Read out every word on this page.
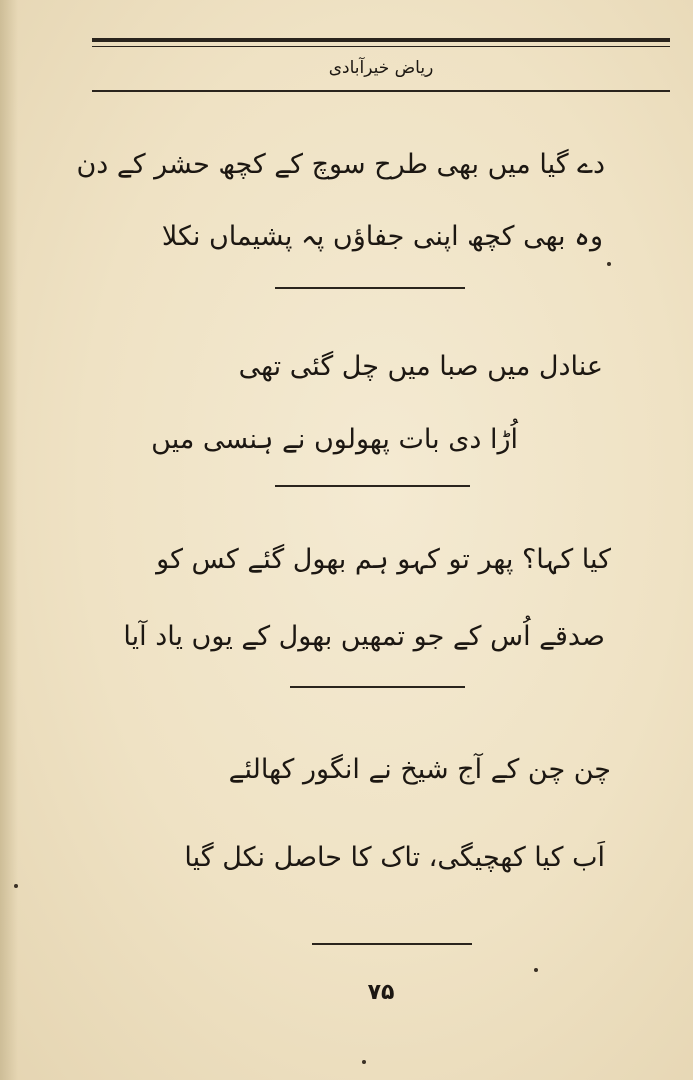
ریاض خیرآبادی
دے گیا میں بھی طرح سوچ کے کچھ حشر کے دن
وہ بھی کچھ اپنی جفاؤں پہ پشیماں نکلا
عنادل میں صبا میں چل گئی تھی
اُڑا دی بات پھولوں نے ہنسی میں
کیا کہا؟ پھر تو کہو ہم بھول گئے کس کو
صدقے اُس کے جو تمھیں بھول کے یوں یاد آیا
چن چن کے آج شیخ نے انگور کھالئے
اَب کیا کھچیگی، تاک کا حاصل نکل گیا
۷۵
